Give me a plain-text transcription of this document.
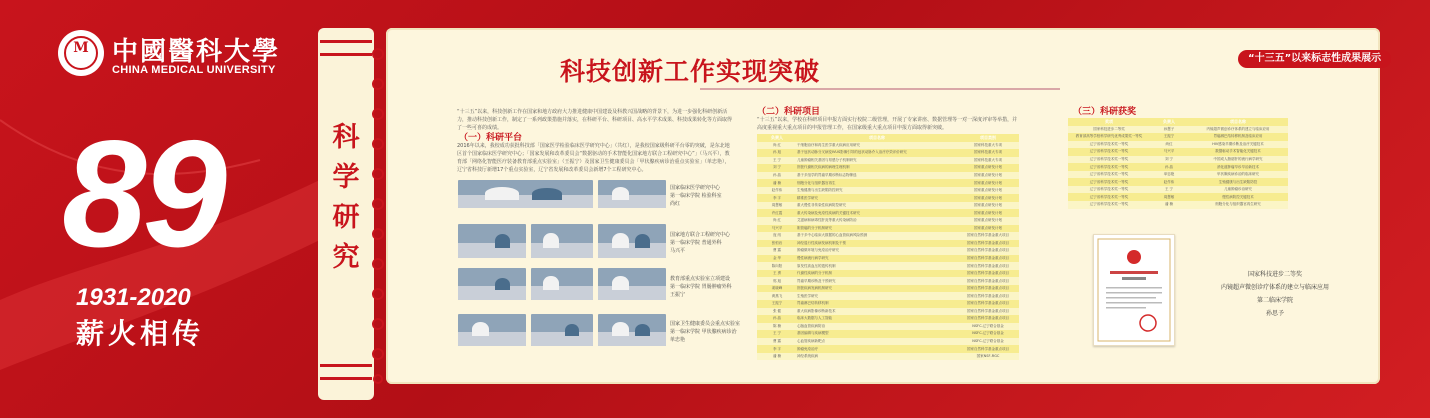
M 中國醫科大學
CHINA MEDICAL UNIVERSITY
89
1931-2020
薪火相传
科
学
研
究
科技创新工作实现突破	“十三五”以来标志性成果展示
“十三五”以来，科技创新工作在国家和地方政府大力推进健康中国建设及科教兴国战略的背景下，为进一步强化科研创新活力，推动科技创新工作，制定了一系列政策措施并落实，在科研平台、科研项目、高水平学术成果、科技成果转化等方面取得了一些可喜的成绩。
（一）科研平台
2016年以来，我校成功获批科技部「国家医学检验临床医学研究中心」（共红），是我校国家级科研平台零的突破，是东北地区首个国家临床医学研究中心；「国家发展和改革委员会“数据驱动的手术智能化国家地方联合工程研究中心”」（马兴平），教育部「网络化智能医疗装备教育部重点实验室」（王振宁）及国家卫生健康委员会「甲状腺疾病诊治重点实验室」（单忠艳），辽宁省科技厅新增17个重点实验室，辽宁省发展和改革委员会新增7个工程研究中心。
国家临床医学研究中心
第一临床学院 检验科室
尚红
国家地方联合工程研究中心
第一临床学院 普通外科
马兴平
教育部重点实验室立项建设
第一临床学院 胃肠肿瘤外科
王振宁
国家卫生健康委员会重点实验室
第一临床学院 甲状腺疾病诊治
单忠艳
（二）科研项目
“十三五”以来，学校在科研项目申报方面实行校院二级管理，开展了专家讲座、数据管理等一对一深度评审等举措，并高度重视重大重点项目的申报管理工作，在国家级重大重点项目申报方面取得新突破。
负责人	项目名称	项目类别
尚 红	干细胞治疗和再生医学重大疾病应用研究	国家科技重大专项
孙 旭	基于冠状动脉分叉病变IVUS影像引导的冠状动脉介入治疗疗效评价研究	国家科技重大专项
王 宁	儿童肿瘤相关基因与易感分子机制研究	国家科技重大专项
刘 宁	肝脏代谢相关疾病的病理生理机制	国家重点研发计划
孙 晶	基于多组学的胃癌早期诊断标志物筛选	国家重点研发计划
潘 楠	细胞分化与组织器官再生	国家重点研发计划
赵作伟	生殖健康与出生缺陷防控研究	国家重点研发计划
李 宇	精准医学研究	国家重点研发计划
周慧敏	重大慢性非传染性疾病防控研究	国家重点研发计划
许红霞	重大传染病及免疫性疾病的关键技术研究	国家重点研发计划
尚 红	艾滋病和病毒性肝炎等重大传染病防治	国家重点研发计划
马兴平	胆管癌的分子机制研究	国家重点研发计划
庞 闯	基于多中心临床大数据的心血管疾病风险预测	国家自然科学基金重大项目
张恒岩	神经退行性疾病发病机制及干预	国家自然科学基金重点项目
曹 露	肿瘤微环境与免疫治疗研究	国家自然科学基金重点项目
金 华	慢性病流行病学研究	国家自然科学基金重点项目
陈向阳	原发性高血压的遗传机制	国家自然科学基金重点项目
王 勇	代谢性疾病的分子机制	国家自然科学基金重点项目
郭 旭	胃癌早期诊断及干预研究	国家自然科学基金重点项目
姜晓峰	肝脏疾病发病机制研究	国家自然科学基金重点项目
黄燕飞	生殖医学研究	国家自然科学基金重点项目
王振宁	胃癌淋巴结转移机制	国家自然科学基金重点项目
张 健	重大疾病影像诊断新技术	国家自然科学基金重点项目
孙 晶	临床大数据与人工智能	国家自然科学基金重点项目
陈 楠	心脑血管疾病防治	NSFC-辽宁联合基金
王 宁	基因编辑与疾病模型	NSFC-辽宁联合基金
曹 露	心血管疾病新靶点	NSFC-辽宁联合基金
李 宇	肿瘤免疫治疗	国家自然科学基金重点项目
潘 楠	神经系统疾病	国家NSF-RGC
（三）科研获奖
奖项	负责人	项目名称
国家科技进步二等奖	孙慧子	内镜超声微创诊疗体系的建立与临床应用
教育部高等学校科学研究优秀成果奖一等奖	王振宁	胃癌淋巴结转移机制及临床应用
辽宁省科学技术奖一等奖	尚红	HIV感染早期诊断及治疗关键技术
辽宁省科学技术奖一等奖	马兴平	数据驱动手术智能化关键技术
辽宁省科学技术奖一等奖	刘 宁	中国成人脂肪肝的流行病学研究
辽宁省科学技术奖一等奖	孙 晶	消化道肿瘤早诊早治新技术
辽宁省科学技术奖一等奖	单忠艳	甲状腺疾病诊治的临床研究
辽宁省科学技术奖一等奖	赵作伟	生殖健康与出生缺陷防控
辽宁省科学技术奖一等奖	王 宁	儿童肿瘤诊治研究
辽宁省科学技术奖一等奖	周慧敏	慢性病防控关键技术
辽宁省科学技术奖一等奖	潘 楠	细胞分化与组织器官再生研究
国家科技进步二等奖
内镜超声微创诊疗体系的建立与临床应用
第二临床学院
孙思予
